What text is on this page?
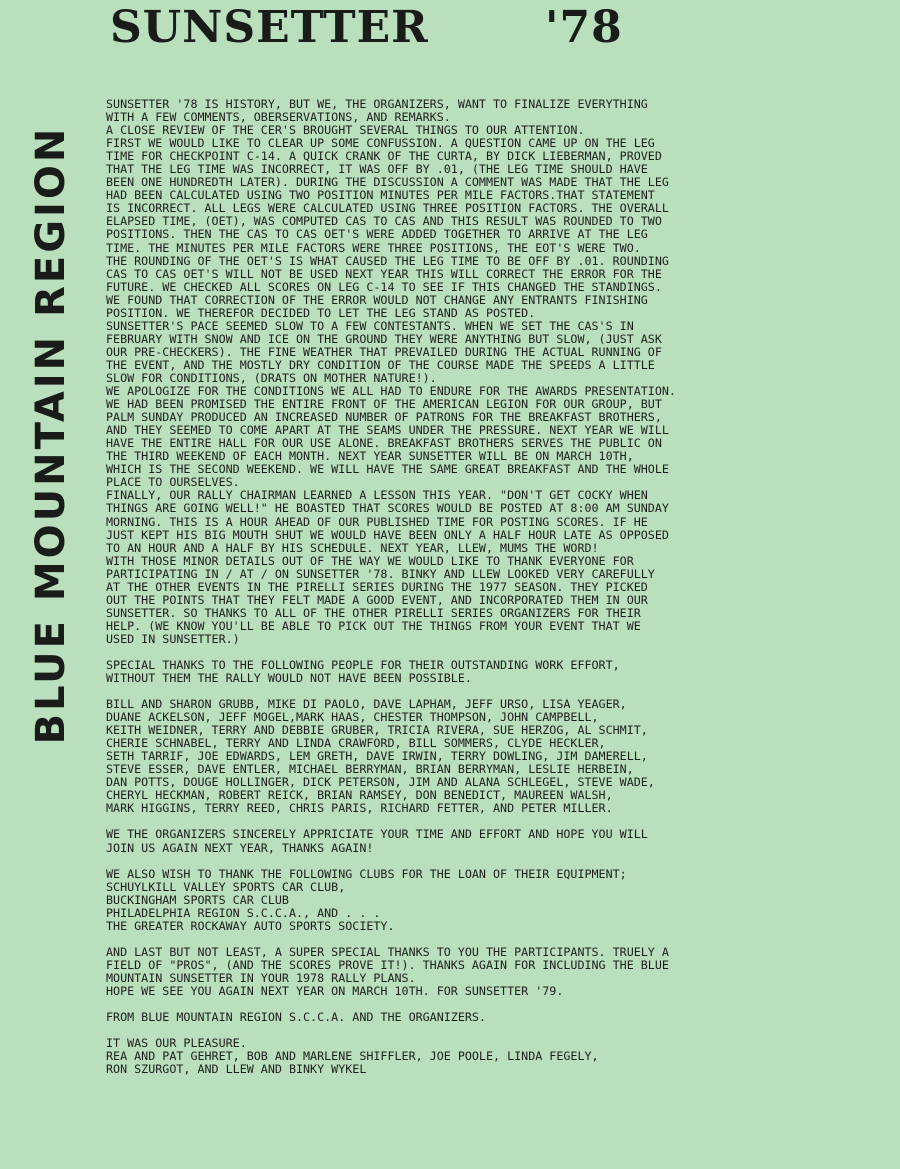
SUNSETTER	'78
BLUE MOUNTAIN REGION
SUNSETTER '78 IS HISTORY, BUT WE, THE ORGANIZERS, WANT TO FINALIZE EVERYTHING
WITH A FEW COMMENTS, OBERSERVATIONS, AND REMARKS.
A CLOSE REVIEW OF THE CER'S BROUGHT SEVERAL THINGS TO OUR ATTENTION.
FIRST WE WOULD LIKE TO CLEAR UP SOME CONFUSSION. A QUESTION CAME UP ON THE LEG
TIME FOR CHECKPOINT C-14. A QUICK CRANK OF THE CURTA, BY DICK LIEBERMAN, PROVED
THAT THE LEG TIME WAS INCORRECT, IT WAS OFF BY .01, (THE LEG TIME SHOULD HAVE
BEEN ONE HUNDREDTH LATER). DURING THE DISCUSSION A COMMENT WAS MADE THAT THE LEG
HAD BEEN CALCULATED USING TWO POSITION MINUTES PER MILE FACTORS.THAT STATEMENT
IS INCORRECT. ALL LEGS WERE CALCULATED USING THREE POSITION FACTORS. THE OVERALL
ELAPSED TIME, (OET), WAS COMPUTED CAS TO CAS AND THIS RESULT WAS ROUNDED TO TWO
POSITIONS. THEN THE CAS TO CAS OET'S WERE ADDED TOGETHER TO ARRIVE AT THE LEG
TIME. THE MINUTES PER MILE FACTORS WERE THREE POSITIONS, THE EOT'S WERE TWO.
THE ROUNDING OF THE OET'S IS WHAT CAUSED THE LEG TIME TO BE OFF BY .01. ROUNDING
CAS TO CAS OET'S WILL NOT BE USED NEXT YEAR THIS WILL CORRECT THE ERROR FOR THE
FUTURE. WE CHECKED ALL SCORES ON LEG C-14 TO SEE IF THIS CHANGED THE STANDINGS.
WE FOUND THAT CORRECTION OF THE ERROR WOULD NOT CHANGE ANY ENTRANTS FINISHING
POSITION. WE THEREFOR DECIDED TO LET THE LEG STAND AS POSTED.
SUNSETTER'S PACE SEEMED SLOW TO A FEW CONTESTANTS. WHEN WE SET THE CAS'S IN
FEBRUARY WITH SNOW AND ICE ON THE GROUND THEY WERE ANYTHING BUT SLOW, (JUST ASK
OUR PRE-CHECKERS). THE FINE WEATHER THAT PREVAILED DURING THE ACTUAL RUNNING OF
THE EVENT, AND THE MOSTLY DRY CONDITION OF THE COURSE MADE THE SPEEDS A LITTLE
SLOW FOR CONDITIONS, (DRATS ON MOTHER NATURE!).
WE APOLOGIZE FOR THE CONDITIONS WE ALL HAD TO ENDURE FOR THE AWARDS PRESENTATION.
WE HAD BEEN PROMISED THE ENTIRE FRONT OF THE AMERICAN LEGION FOR OUR GROUP, BUT
PALM SUNDAY PRODUCED AN INCREASED NUMBER OF PATRONS FOR THE BREAKFAST BROTHERS,
AND THEY SEEMED TO COME APART AT THE SEAMS UNDER THE PRESSURE. NEXT YEAR WE WILL
HAVE THE ENTIRE HALL FOR OUR USE ALONE. BREAKFAST BROTHERS SERVES THE PUBLIC ON
THE THIRD WEEKEND OF EACH MONTH. NEXT YEAR SUNSETTER WILL BE ON MARCH 10TH,
WHICH IS THE SECOND WEEKEND. WE WILL HAVE THE SAME GREAT BREAKFAST AND THE WHOLE
PLACE TO OURSELVES.
FINALLY, OUR RALLY CHAIRMAN LEARNED A LESSON THIS YEAR. "DON'T GET COCKY WHEN
THINGS ARE GOING WELL!" HE BOASTED THAT SCORES WOULD BE POSTED AT 8:00 AM SUNDAY
MORNING. THIS IS A HOUR AHEAD OF OUR PUBLISHED TIME FOR POSTING SCORES. IF HE
JUST KEPT HIS BIG MOUTH SHUT WE WOULD HAVE BEEN ONLY A HALF HOUR LATE AS OPPOSED
TO AN HOUR AND A HALF BY HIS SCHEDULE. NEXT YEAR, LLEW, MUMS THE WORD!
WITH THOSE MINOR DETAILS OUT OF THE WAY WE WOULD LIKE TO THANK EVERYONE FOR
PARTICIPATING IN / AT / ON SUNSETTER '78. BINKY AND LLEW LOOKED VERY CAREFULLY
AT THE OTHER EVENTS IN THE PIRELLI SERIES DURING THE 1977 SEASON. THEY PICKED
OUT THE POINTS THAT THEY FELT MADE A GOOD EVENT, AND INCORPORATED THEM IN OUR
SUNSETTER. SO THANKS TO ALL OF THE OTHER PIRELLI SERIES ORGANIZERS FOR THEIR
HELP. (WE KNOW YOU'LL BE ABLE TO PICK OUT THE THINGS FROM YOUR EVENT THAT WE
USED IN SUNSETTER.)
SPECIAL THANKS TO THE FOLLOWING PEOPLE FOR THEIR OUTSTANDING WORK EFFORT,
WITHOUT THEM THE RALLY WOULD NOT HAVE BEEN POSSIBLE.
BILL AND SHARON GRUBB, MIKE DI PAOLO, DAVE LAPHAM, JEFF URSO, LISA YEAGER,
DUANE ACKELSON, JEFF MOGEL,MARK HAAS, CHESTER THOMPSON, JOHN CAMPBELL,
KEITH WEIDNER, TERRY AND DEBBIE GRUBER, TRICIA RIVERA, SUE HERZOG, AL SCHMIT,
CHERIE SCHNABEL, TERRY AND LINDA CRAWFORD, BILL SOMMERS, CLYDE HECKLER,
SETH TARRIF, JOE EDWARDS, LEM GRETH, DAVE IRWIN, TERRY DOWLING, JIM DAMERELL,
STEVE ESSER, DAVE ENTLER, MICHAEL BERRYMAN, BRIAN BERRYMAN, LESLIE HERBEIN,
DAN POTTS, DOUGE HOLLINGER, DICK PETERSON, JIM AND ALANA SCHLEGEL, STEVE WADE,
CHERYL HECKMAN, ROBERT REICK, BRIAN RAMSEY, DON BENEDICT, MAUREEN WALSH,
MARK HIGGINS, TERRY REED, CHRIS PARIS, RICHARD FETTER, AND PETER MILLER.
WE THE ORGANIZERS SINCERELY APPRICIATE YOUR TIME AND EFFORT AND HOPE YOU WILL
JOIN US AGAIN NEXT YEAR, THANKS AGAIN!
WE ALSO WISH TO THANK THE FOLLOWING CLUBS FOR THE LOAN OF THEIR EQUIPMENT;
SCHUYLKILL VALLEY SPORTS CAR CLUB,
BUCKINGHAM SPORTS CAR CLUB
PHILADELPHIA REGION S.C.C.A., AND . . .
THE GREATER ROCKAWAY AUTO SPORTS SOCIETY.
AND LAST BUT NOT LEAST, A SUPER SPECIAL THANKS TO YOU THE PARTICIPANTS. TRUELY A
FIELD OF "PROS", (AND THE SCORES PROVE IT!). THANKS AGAIN FOR INCLUDING THE BLUE
MOUNTAIN SUNSETTER IN YOUR 1978 RALLY PLANS.
HOPE WE SEE YOU AGAIN NEXT YEAR ON MARCH 10TH. FOR SUNSETTER '79.
FROM BLUE MOUNTAIN REGION S.C.C.A. AND THE ORGANIZERS.
IT WAS OUR PLEASURE.
REA AND PAT GEHRET, BOB AND MARLENE SHIFFLER, JOE POOLE, LINDA FEGELY,
RON SZURGOT, AND LLEW AND BINKY WYKEL
